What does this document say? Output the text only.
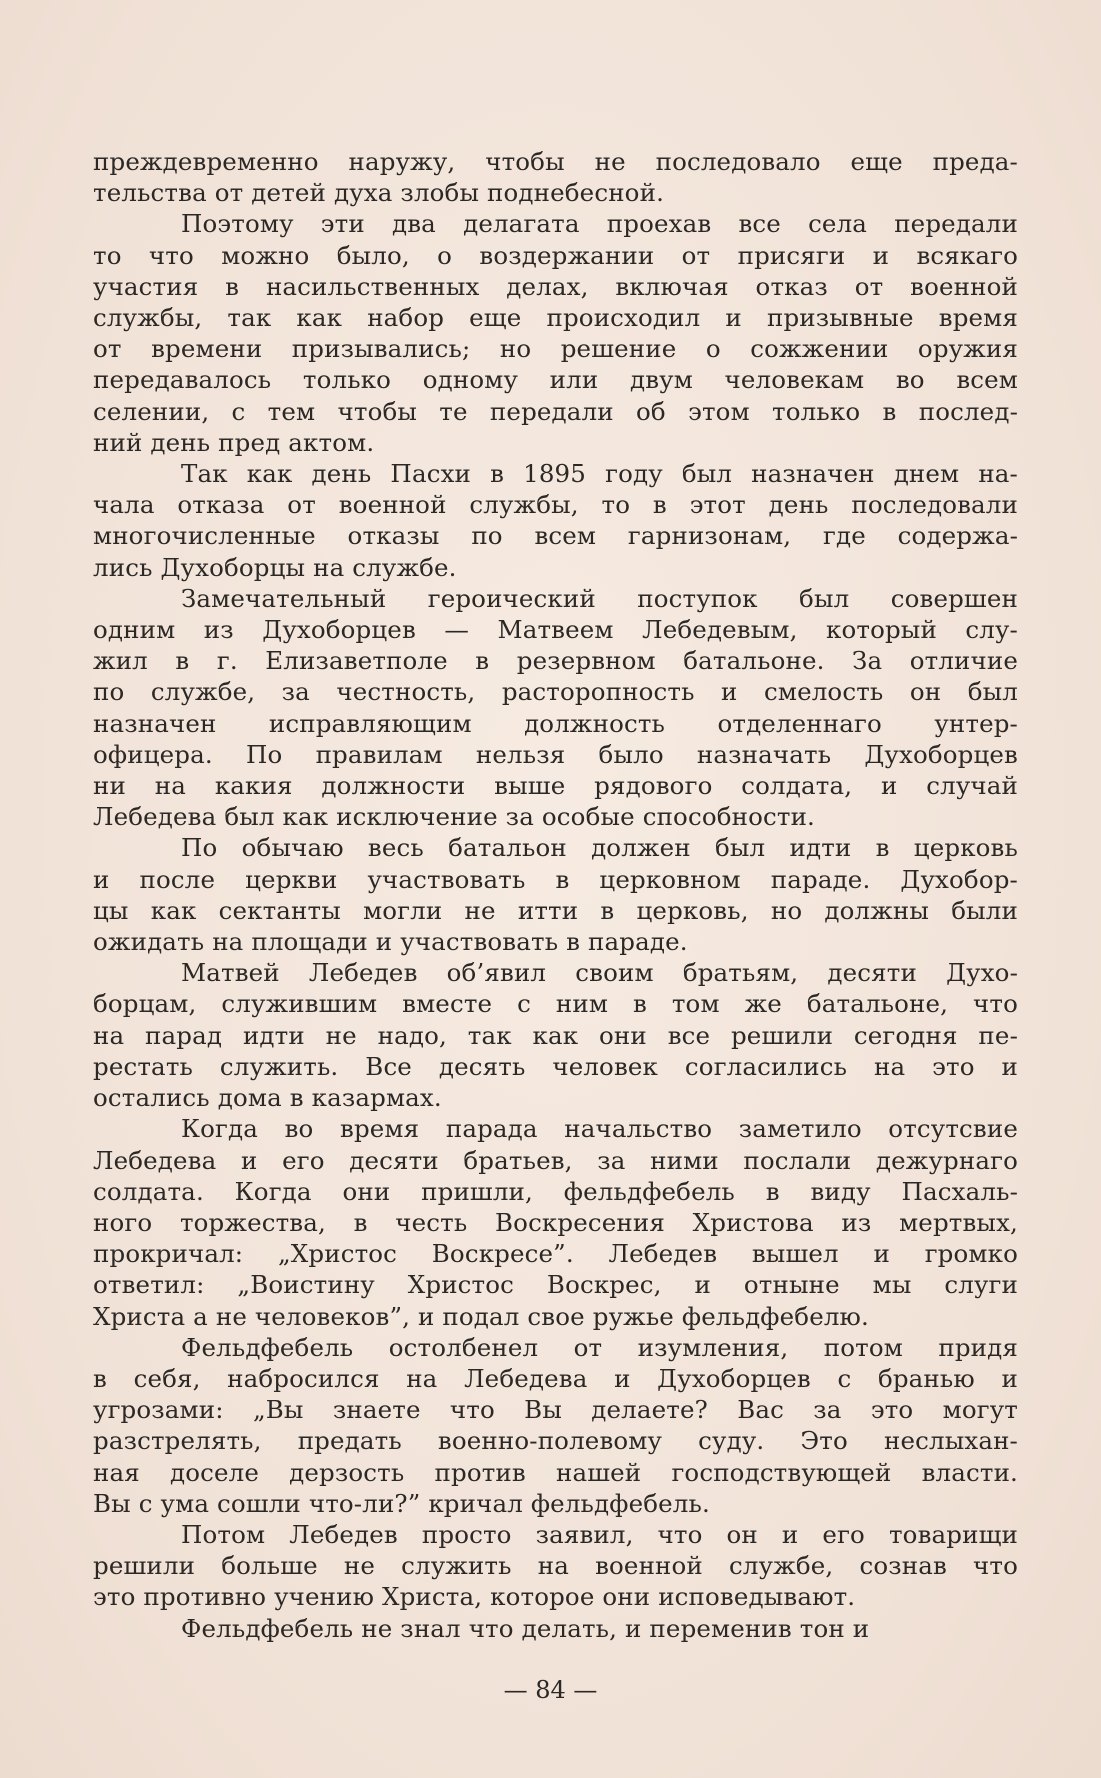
преждевременно наружу, чтобы не последовало еще преда-
тельства от детей духа злобы поднебесной.
Поэтому эти два делагата проехав все села передали
то что можно было, о воздержании от присяги и всякаго
участия в насильственных делах, включая отказ от военной
службы, так как набор еще происходил и призывные время
от времени призывались; но решение о сожжении оружия
передавалось только одному или двум человекам во всем
селении, с тем чтобы те передали об этом только в послед-
ний день пред актом.
Так как день Пасхи в 1895 году был назначен днем на-
чала отказа от военной службы, то в этот день последовали
многочисленные отказы по всем гарнизонам, где содержа-
лись Духоборцы на службе.
Замечательный героический поступок был совершен
одним из Духоборцев — Матвеем Лебедевым, который слу-
жил в г. Елизаветполе в резервном батальоне. За отличие
по службе, за честность, расторопность и смелость он был
назначен исправляющим должность отделеннаго унтер-
офицера. По правилам нельзя было назначать Духоборцев
ни на какия должности выше рядового солдата, и случай
Лебедева был как исключение за особые способности.
По обычаю весь батальон должен был идти в церковь
и после церкви участвовать в церковном параде. Духобор-
цы как сектанты могли не итти в церковь, но должны были
ожидать на площади и участвовать в параде.
Матвей Лебедев об’явил своим братьям, десяти Духо-
борцам, служившим вместе с ним в том же батальоне, что
на парад идти не надо, так как они все решили сегодня пе-
рестать служить. Все десять человек согласились на это и
остались дома в казармах.
Когда во время парада начальство заметило отсутсвие
Лебедева и его десяти братьев, за ними послали дежурнаго
солдата. Когда они пришли, фельдфебель в виду Пасхаль-
ного торжества, в честь Воскресения Христова из мертвых,
прокричал: „Христос Воскресе”. Лебедев вышел и громко
ответил: „Воистину Христос Воскрес, и отныне мы слуги
Христа а не человеков”, и подал свое ружье фельдфебелю.
Фельдфебель остолбенел от изумления, потом придя
в себя, набросился на Лебедева и Духоборцев с бранью и
угрозами: „Вы знаете что Вы делаете? Вас за это могут
разстрелять, предать военно-полевому суду. Это неслыхан-
ная доселе дерзость против нашей господствующей власти.
Вы с ума сошли что-ли?” кричал фельдфебель.
Потом Лебедев просто заявил, что он и его товарищи
решили больше не служить на военной службе, сознав что
это противно учению Христа, которое они исповедывают.
Фельдфебель не знал что делать, и переменив тон и
— 84 —
